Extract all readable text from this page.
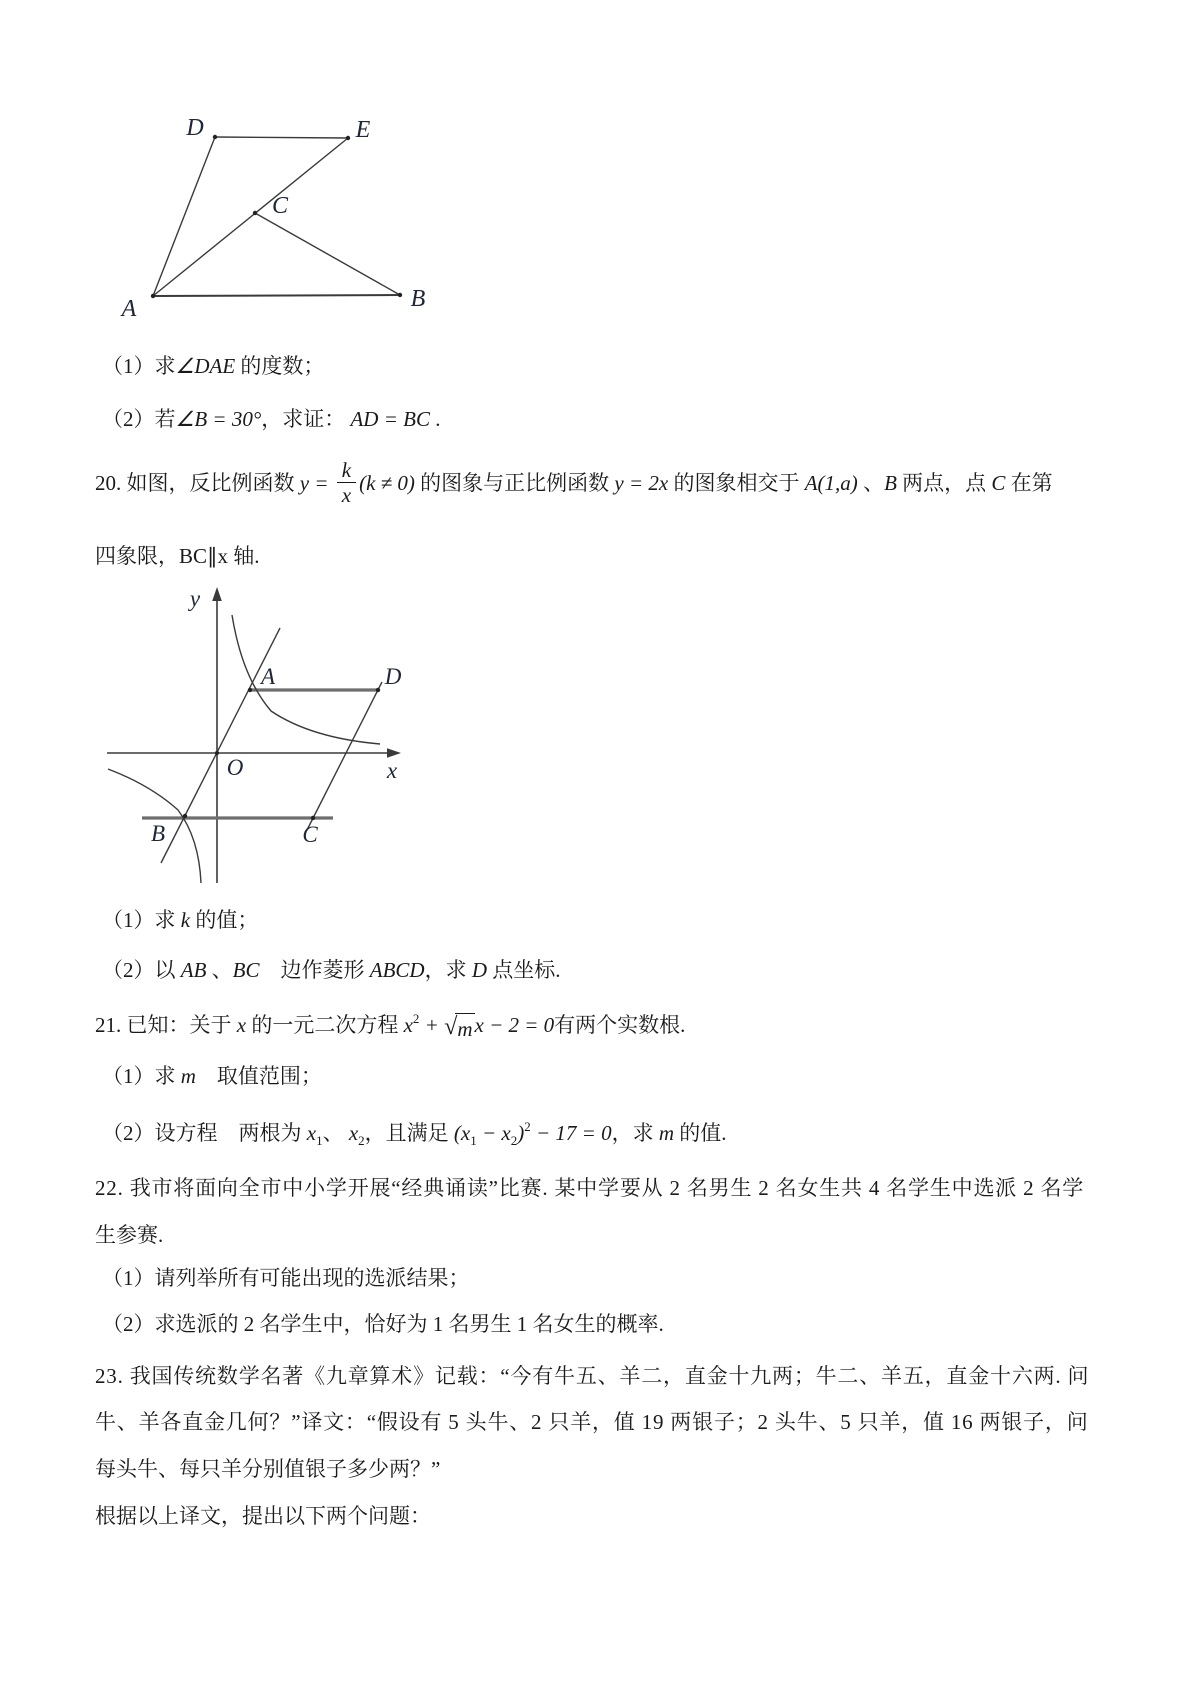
D	E
C
A	B
（1）求∠DAE 的度数；
（2）若∠B = 30°，求证： AD = BC .
20. 如图，反比例函数 $y = \frac{k}{x} (k \ne 0)$ 的图象与正比例函数 y = 2x 的图象相交于 A(1,a) 、B 两点，点 C 在第
四象限，BC∥x 轴.
y
x
O
A	D
B	C
（1）求 k 的值；
（2）以 AB 、BC　边作菱形 ABCD，求 D 点坐标.
21. 已知：关于 x 的一元二次方程 $x^2$ + √ m x − 2 = 0有两个实数根.
（1）求 m　取值范围；
（2）设方程　两根为 $x_1$、 $x_2$，且满足 $(x_1 - x_2)^2 - 17 = 0$，求 m 的值.
22. 我市将面向全市中小学开展“经典诵读”比赛. 某中学要从 2 名男生 2 名女生共 4 名学生中选派 2 名学
生参赛.
（1）请列举所有可能出现的选派结果；
（2）求选派的 2 名学生中，恰好为 1 名男生 1 名女生的概率.
23. 我国传统数学名著《九章算术》记载：“今有牛五、羊二，直金十九两；牛二、羊五，直金十六两. 问
牛、羊各直金几何？”译文：“假设有 5 头牛、2 只羊，值 19 两银子；2 头牛、5 只羊，值 16 两银子，问
每头牛、每只羊分别值银子多少两？”
根据以上译文，提出以下两个问题：
